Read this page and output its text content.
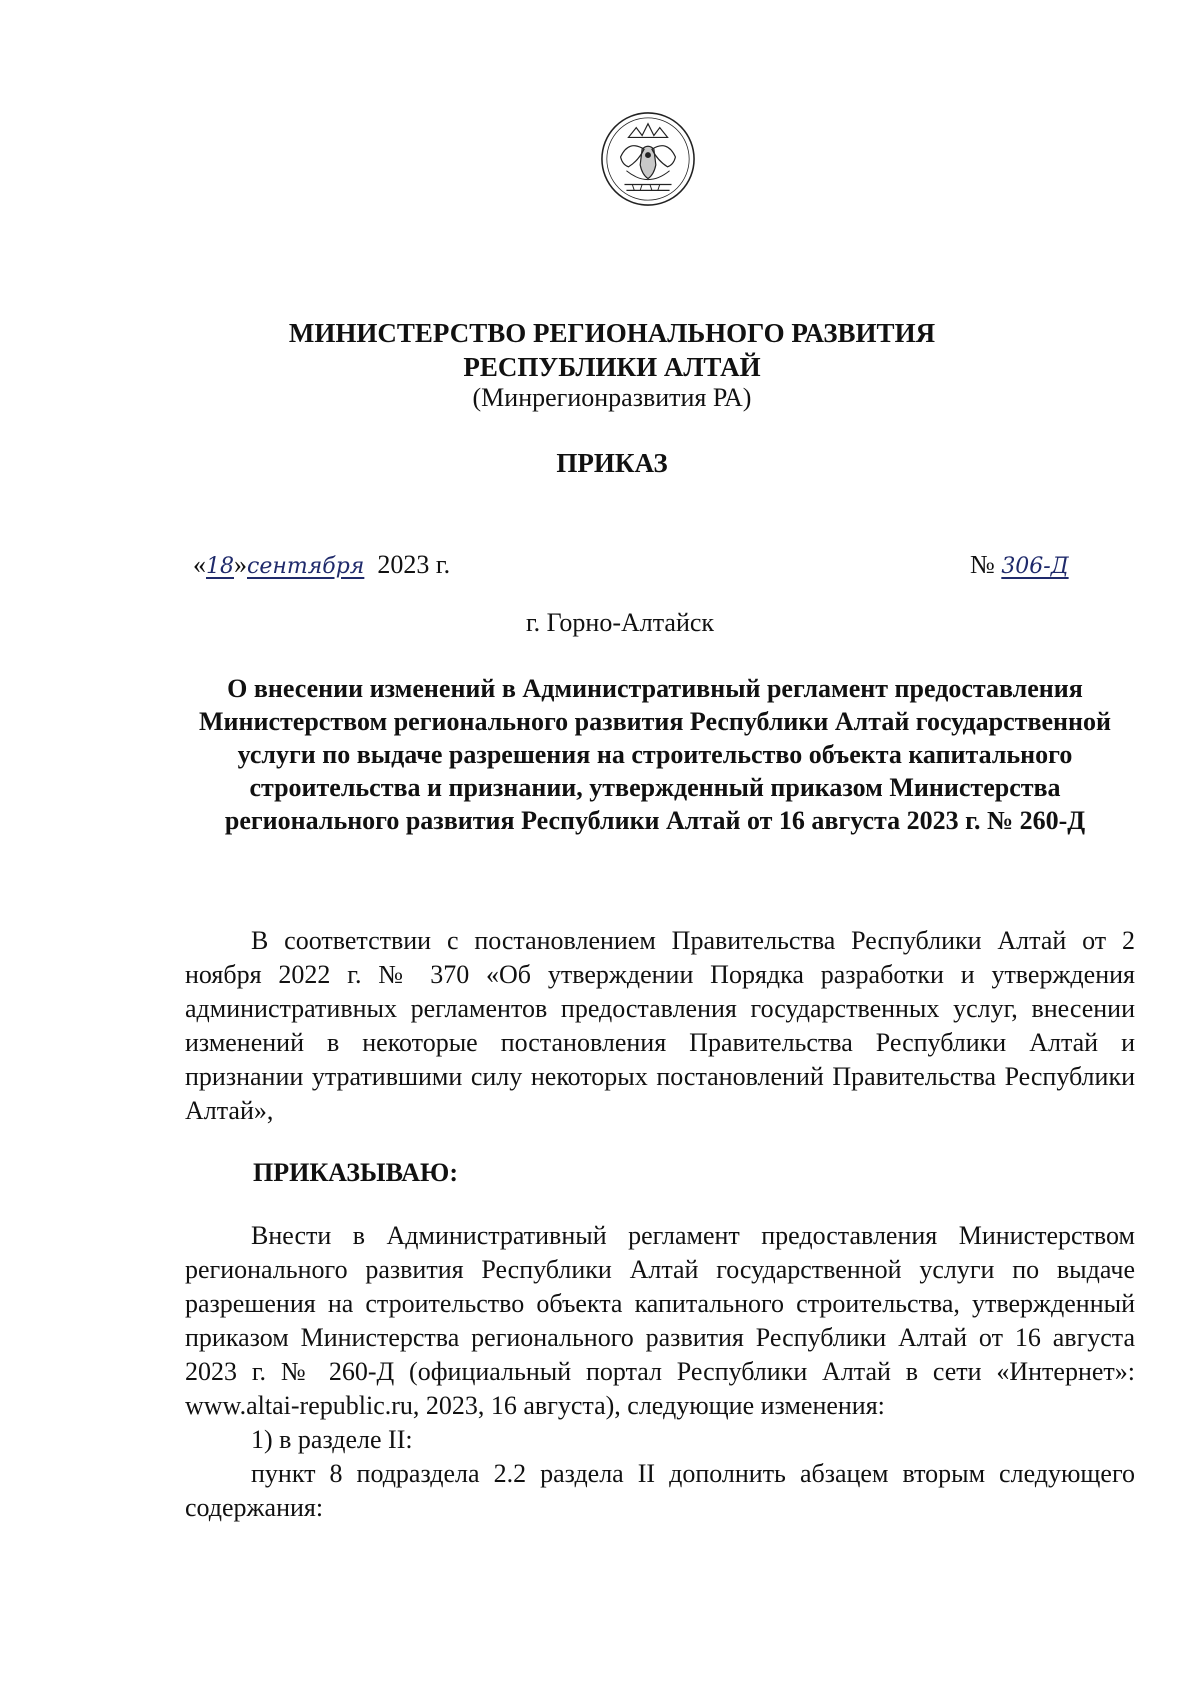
МИНИСТЕРСТВО РЕГИОНАЛЬНОГО РАЗВИТИЯ
РЕСПУБЛИКИ АЛТАЙ
(Минрегионразвития РА)
ПРИКАЗ
«18»сентября 2023 г.	№ 306-Д
г. Горно-Алтайск
О внесении изменений в Административный регламент предоставления Министерством регионального развития Республики Алтай государственной услуги по выдаче разрешения на строительство объекта капитального строительства и признании, утвержденный приказом Министерства регионального развития Республики Алтай от 16 августа 2023 г. № 260-Д
В соответствии с постановлением Правительства Республики Алтай от 2 ноября 2022 г. № 370 «Об утверждении Порядка разработки и утверждения административных регламентов предоставления государственных услуг, внесении изменений в некоторые постановления Правительства Республики Алтай и признании утратившими силу некоторых постановлений Правительства Республики Алтай»,
ПРИКАЗЫВАЮ:
Внести в Административный регламент предоставления Министерством регионального развития Республики Алтай государственной услуги по выдаче разрешения на строительство объекта капитального строительства, утвержденный приказом Министерства регионального развития Республики Алтай от 16 августа 2023 г. № 260-Д (официальный портал Республики Алтай в сети «Интернет»: www.altai-republic.ru, 2023, 16 августа), следующие изменения:
1) в разделе II:
пункт 8 подраздела 2.2 раздела II дополнить абзацем вторым следующего содержания:
